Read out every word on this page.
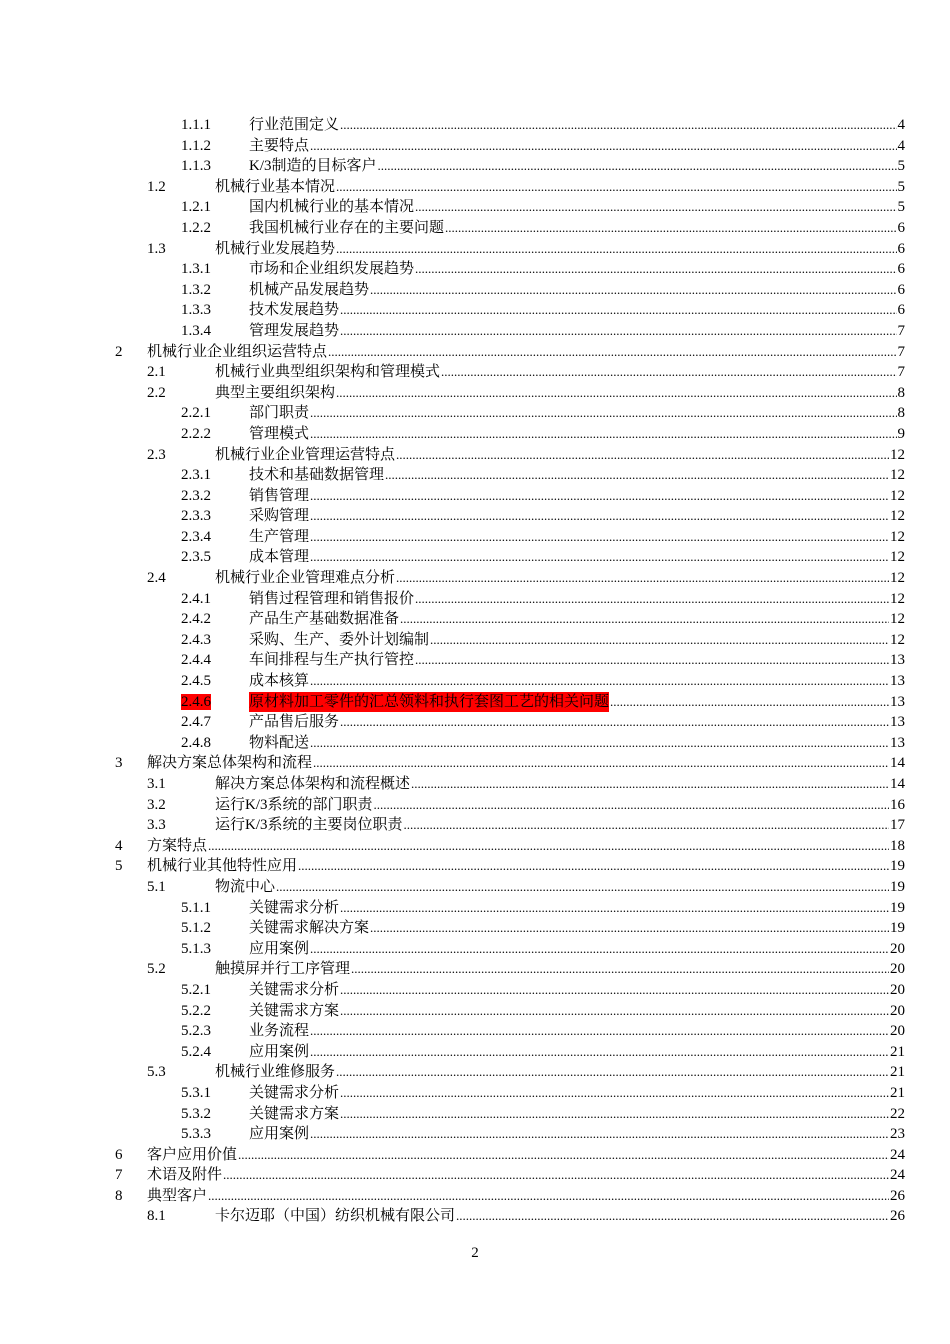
1.1.1	行业范围定义 .....	4
1.1.2	主要特点 .....	4
1.1.3	K/3制造的目标客户 .....	5
1.2	机械行业基本情况 .....	5
1.2.1	国内机械行业的基本情况 .....	5
1.2.2	我国机械行业存在的主要问题 .....	6
1.3	机械行业发展趋势 .....	6
1.3.1	市场和企业组织发展趋势 .....	6
1.3.2	机械产品发展趋势 .....	6
1.3.3	技术发展趋势 .....	6
1.3.4	管理发展趋势 .....	7
2 机械行业企业组织运营特点 .....	7
2.1	机械行业典型组织架构和管理模式 .....	7
2.2	典型主要组织架构 .....	8
2.2.1	部门职责 .....	8
2.2.2	管理模式 .....	9
2.3	机械行业企业管理运营特点 .....	12
2.3.1	技术和基础数据管理 .....	12
2.3.2	销售管理 .....	12
2.3.3	采购管理 .....	12
2.3.4	生产管理 .....	12
2.3.5	成本管理 .....	12
2.4	机械行业企业管理难点分析 .....	12
2.4.1	销售过程管理和销售报价 .....	12
2.4.2	产品生产基础数据准备 .....	12
2.4.3	采购、生产、委外计划编制 .....	12
2.4.4	车间排程与生产执行管控 .....	13
2.4.5	成本核算 .....	13
2.4.6	原材料加工零件的汇总领料和执行套图工艺的相关问题 .....	13
2.4.7	产品售后服务 .....	13
2.4.8	物料配送 .....	13
3 解决方案总体架构和流程 .....	14
3.1	解决方案总体架构和流程概述 .....	14
3.2	运行K/3系统的部门职责 .....	16
3.3	运行K/3系统的主要岗位职责 .....	17
4 方案特点 .....	18
5 机械行业其他特性应用 .....	19
5.1	物流中心 .....	19
5.1.1	关键需求分析 .....	19
5.1.2	关键需求解决方案 .....	19
5.1.3	应用案例 .....	20
5.2	触摸屏并行工序管理 .....	20
5.2.1	关键需求分析 .....	20
5.2.2	关键需求方案 .....	20
5.2.3	业务流程 .....	20
5.2.4	应用案例 .....	21
5.3	机械行业维修服务 .....	21
5.3.1	关键需求分析 .....	21
5.3.2	关键需求方案 .....	22
5.3.3	应用案例 .....	23
6 客户应用价值 .....	24
7 术语及附件 .....	24
8 典型客户 .....	26
8.1	卡尔迈耶（中国）纺织机械有限公司 .....	26
2
